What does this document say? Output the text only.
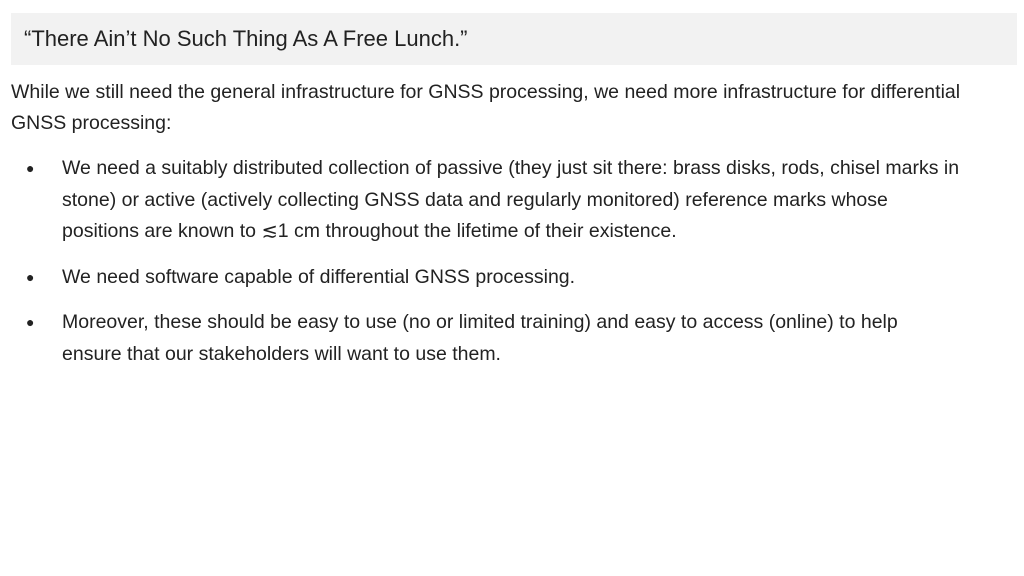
“There Ain’t No Such Thing As A Free Lunch.”

While we still need the general infrastructure for GNSS processing, we need more infrastructure for differential GNSS processing:

● We need a suitably distributed collection of passive (they just sit there: brass disks, rods, chisel marks in stone) or active (actively collecting GNSS data and regularly monitored) reference marks whose positions are known to ≲1 cm throughout the lifetime of their existence.
● We need software capable of differential GNSS processing.
● Moreover, these should be easy to use (no or limited training) and easy to access (online) to help ensure that our stakeholders will want to use them.
